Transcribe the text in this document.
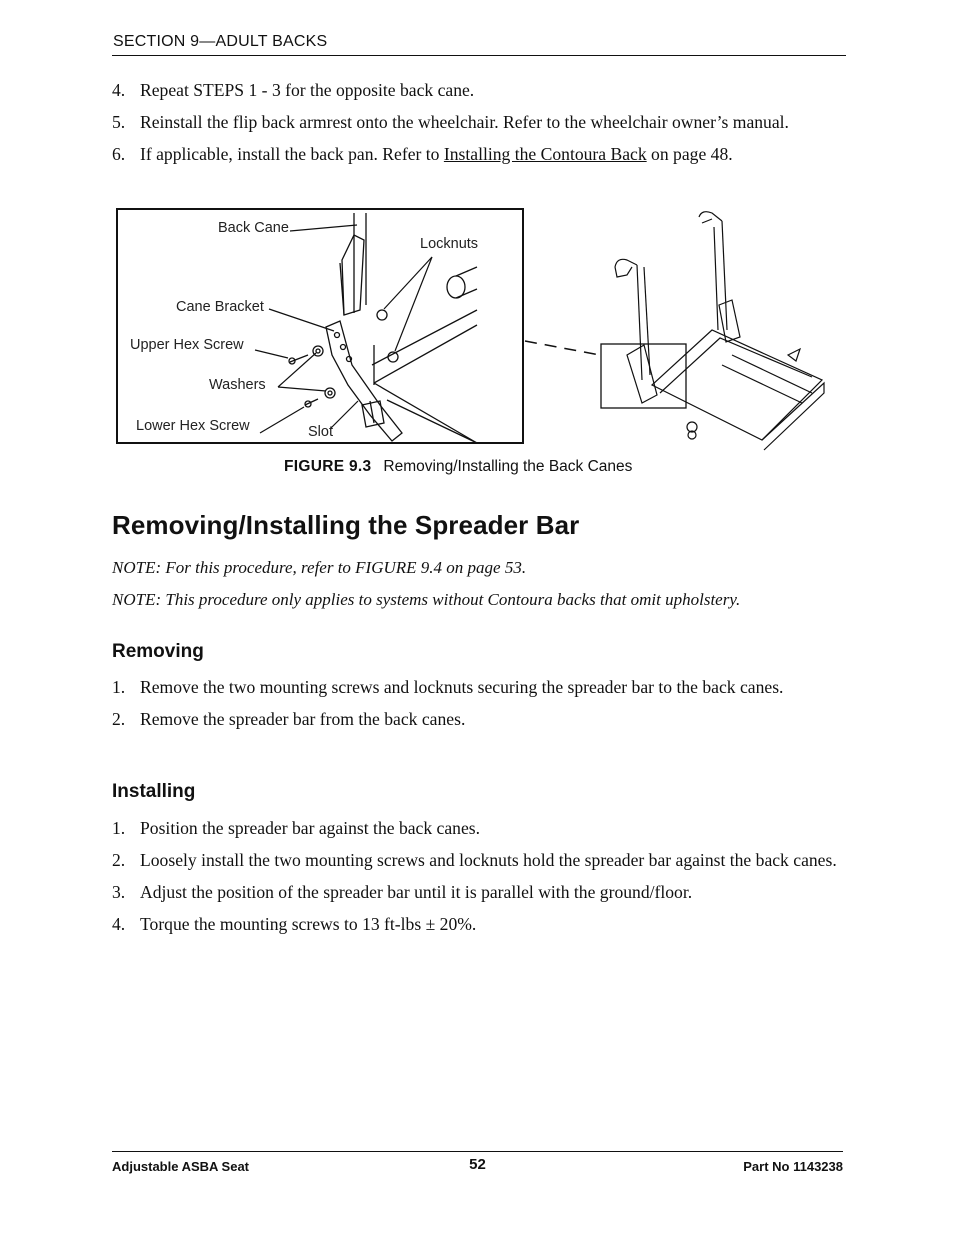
SECTION 9—ADULT BACKS
4. Repeat STEPS 1 - 3 for the opposite back cane.
5. Reinstall the flip back armrest onto the wheelchair. Refer to the wheelchair owner’s manual.
6. If applicable, install the back pan. Refer to Installing the Contoura Back on page 48.
Back Cane
Locknuts
Cane Bracket
Upper Hex Screw
Washers
Lower Hex Screw	Slot
FIGURE 9.3 Removing/Installing the Back Canes
Removing/Installing the Spreader Bar
NOTE: For this procedure, refer to FIGURE 9.4 on page 53.
NOTE: This procedure only applies to systems without Contoura backs that omit upholstery.
Removing
1. Remove the two mounting screws and locknuts securing the spreader bar to the back canes.
2. Remove the spreader bar from the back canes.
Installing
1. Position the spreader bar against the back canes.
2. Loosely install the two mounting screws and locknuts hold the spreader bar against the back canes.
3. Adjust the position of the spreader bar until it is parallel with the ground/floor.
4. Torque the mounting screws to 13 ft-lbs ± 20%.
Adjustable ASBA Seat	52	Part No 1143238
